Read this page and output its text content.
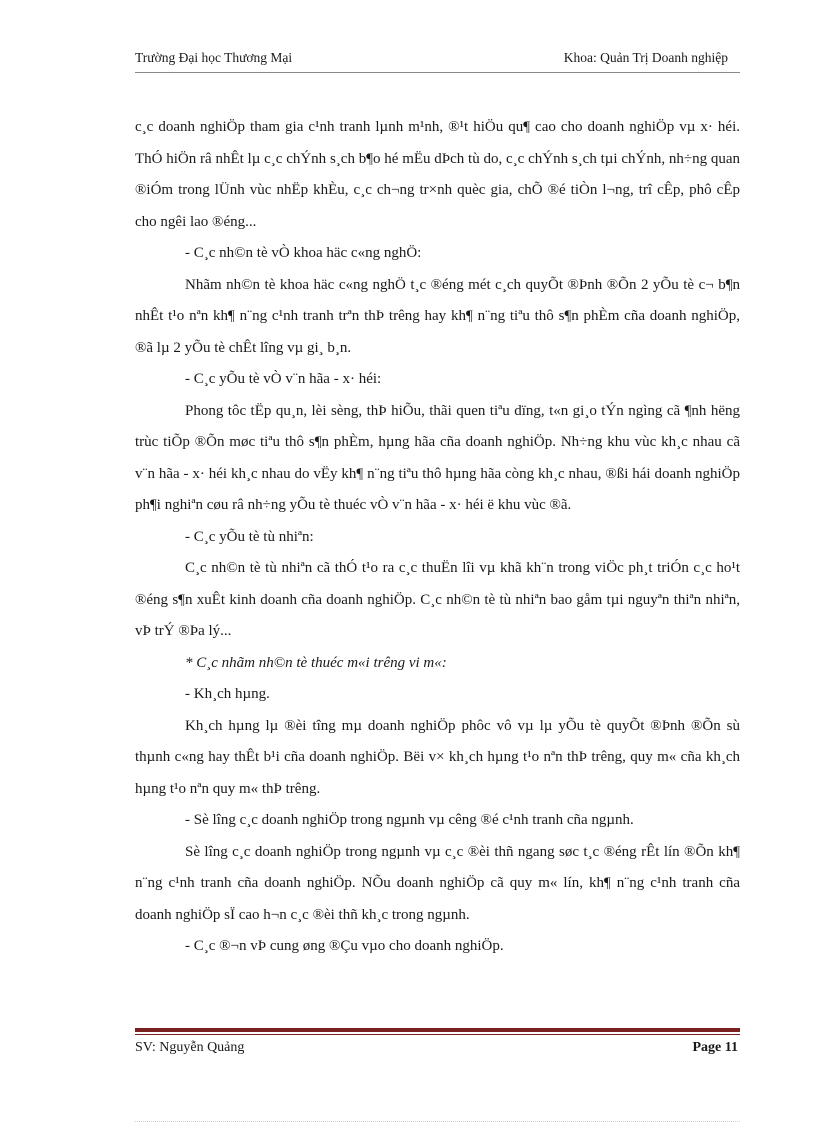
Trường Đại học Thương Mại	Khoa: Quản Trị Doanh nghiệp

c¸c doanh nghiÖp tham gia c¹nh tranh lµnh m¹nh, ®¹t hiÖu qu¶ cao cho doanh nghiÖp vµ x· héi. ThÓ hiÖn râ nhÊt lµ c¸c chÝnh s¸ch b¶o hé mËu dÞch tù do, c¸c chÝnh s¸ch tµi chÝnh, nh÷ng quan ®iÓm trong lÜnh vùc nhËp khÈu, c¸c ch¬ng tr×nh quèc gia, chÕ ®é tiÒn l¬ng, trî cÊp, phô cÊp cho ngêi lao ®éng...

- C¸c nh©n tè vÒ khoa häc c«ng nghÖ:

Nhãm nh©n tè khoa häc c«ng nghÖ t¸c ®éng mét c¸ch quyÕt ®Þnh ®Õn 2 yÕu tè c¬ b¶n nhÊt t¹o nªn kh¶ n¨ng c¹nh tranh trªn thÞ trêng hay kh¶ n¨ng tiªu thô s¶n phÈm cña doanh nghiÖp, ®ã lµ 2 yÕu tè chÊt lîng vµ gi¸ b¸n.

- C¸c yÕu tè vÒ v¨n hãa - x· héi:

Phong tôc tËp qu¸n, lèi sèng, thÞ hiÕu, thãi quen tiªu dïng, t«n gi¸o tÝn ngìng cã ¶nh hëng trùc tiÕp ®Õn møc tiªu thô s¶n phÈm, hµng hãa cña doanh nghiÖp. Nh÷ng khu vùc kh¸c nhau cã v¨n hãa - x· héi kh¸c nhau do vËy kh¶ n¨ng tiªu thô hµng hãa còng kh¸c nhau, ®ßi hái doanh nghiÖp ph¶i nghiªn cøu râ nh÷ng yÕu tè thuéc vÒ v¨n hãa - x· héi ë khu vùc ®ã.

- C¸c yÕu tè tù nhiªn:

C¸c nh©n tè tù nhiªn cã thÓ t¹o ra c¸c thuËn lîi vµ khã kh¨n trong viÖc ph¸t triÓn c¸c ho¹t ®éng s¶n xuÊt kinh doanh cña doanh nghiÖp. C¸c nh©n tè tù nhiªn bao gåm tµi nguyªn thiªn nhiªn, vÞ trÝ ®Þa lý...

* C¸c nhãm nh©n tè thuéc m«i trêng vi m«:

- Kh¸ch hµng.

Kh¸ch hµng lµ ®èi tîng mµ doanh nghiÖp phôc vô vµ lµ yÕu tè quyÕt ®Þnh ®Õn sù thµnh c«ng hay thÊt b¹i cña doanh nghiÖp. Bëi v× kh¸ch hµng t¹o nªn thÞ trêng, quy m« cña kh¸ch hµng t¹o nªn quy m« thÞ trêng.

- Sè lîng c¸c doanh nghiÖp trong ngµnh vµ cêng ®é c¹nh tranh cña ngµnh.

Sè lîng c¸c doanh nghiÖp trong ngµnh vµ c¸c ®èi thñ ngang søc t¸c ®éng rÊt lín ®Õn kh¶ n¨ng c¹nh tranh cña doanh nghiÖp. NÕu doanh nghiÖp cã quy m« lín, kh¶ n¨ng c¹nh tranh cña doanh nghiÖp sÏ cao h¬n c¸c ®èi thñ kh¸c trong ngµnh.

- C¸c ®¬n vÞ cung øng ®Çu vµo cho doanh nghiÖp.

SV: Nguyễn Quảng	Page 11
